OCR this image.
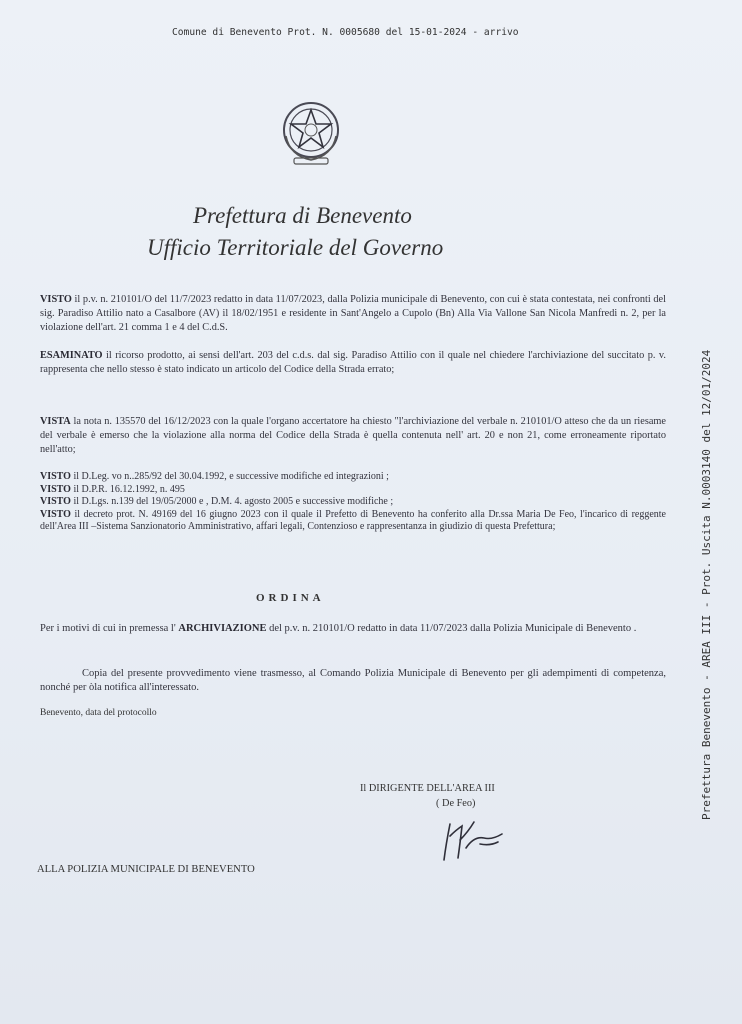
Comune di Benevento Prot. N. 0005680 del 15-01-2024 - arrivo
Prefettura Benevento - AREA III - Prot. Uscita N.0003140 del 12/01/2024
Prefettura di Benevento
Ufficio Territoriale del Governo
VISTO il p.v. n. 210101/O del 11/7/2023 redatto in data 11/07/2023, dalla Polizia municipale di Benevento, con cui è stata contestata, nei confronti del sig. Paradiso Attilio nato a Casalbore (AV) il 18/02/1951 e residente in Sant'Angelo a Cupolo (Bn) Alla Via Vallone San Nicola Manfredi n. 2, per la violazione dell'art. 21 comma 1 e 4 del C.d.S.
ESAMINATO il ricorso prodotto, ai sensi dell'art. 203 del c.d.s. dal sig. Paradiso Attilio con il quale nel chiedere l'archiviazione del succitato p. v. rappresenta che nello stesso è stato indicato un articolo del Codice della Strada errato;
VISTA la nota n. 135570 del 16/12/2023 con la quale l'organo accertatore ha chiesto "l'archiviazione del verbale n. 210101/O atteso che da un riesame del verbale è emerso che la violazione alla norma del Codice della Strada è quella contenuta nell' art. 20 e non 21, come erroneamente riportato nell'atto;
VISTO il D.Leg. vo n..285/92 del 30.04.1992, e successive modifiche ed integrazioni ;
VISTO il D.P.R. 16.12.1992, n. 495
VISTO il D.Lgs. n.139 del 19/05/2000 e , D.M. 4. agosto 2005 e successive modifiche ;
VISTO il decreto prot. N. 49169 del 16 giugno 2023 con il quale il Prefetto di Benevento ha conferito alla Dr.ssa Maria De Feo, l'incarico di reggente dell'Area III –Sistema Sanzionatorio Amministrativo, affari legali, Contenzioso e rappresentanza in giudizio di questa Prefettura;
ORDINA
Per i motivi di cui in premessa l' ARCHIVIAZIONE del p.v. n. 210101/O redatto in data 11/07/2023 dalla Polizia Municipale di Benevento .
Copia del presente provvedimento viene trasmesso, al Comando Polizia Municipale di Benevento per gli adempimenti di competenza, nonché per òla notifica all'interessato.
Benevento, data del protocollo
Il DIRIGENTE DELL'AREA III
( De Feo)
ALLA POLIZIA MUNICIPALE DI BENEVENTO
